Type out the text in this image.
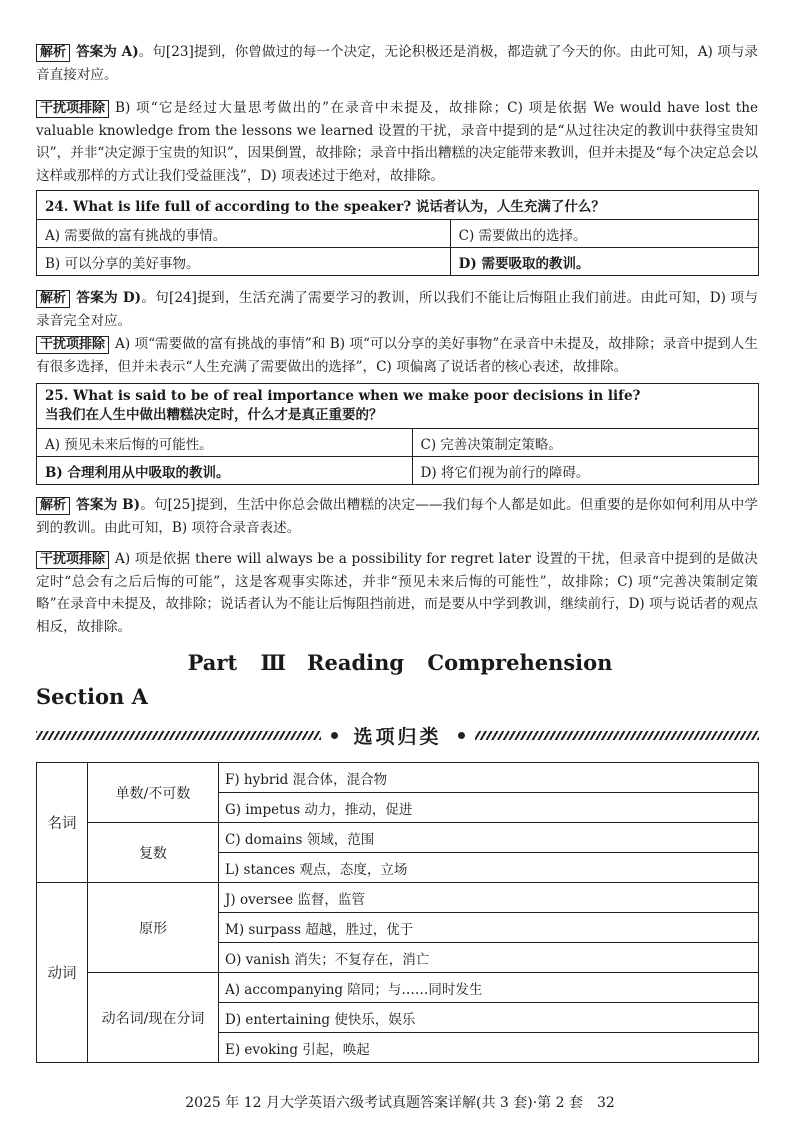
解析 答案为 A)。句[23]提到，你曾做过的每一个决定，无论积极还是消极，都造就了今天的你。由此可知，A) 项与录音直接对应。

干扰项排除 B) 项“它是经过大量思考做出的”在录音中未提及，故排除；C) 项是依据 We would have lost the valuable knowledge from the lessons we learned 设置的干扰，录音中提到的是“从过往决定的教训中获得宝贵知识”，并非“决定源于宝贵的知识”，因果倒置，故排除；录音中指出糟糕的决定能带来教训，但并未提及“每个决定总会以这样或那样的方式让我们受益匪浅”，D) 项表述过于绝对，故排除。

24. What is life full of according to the speaker? 说话者认为，人生充满了什么？	
A) 需要做的富有挑战的事情。	C) 需要做出的选择。
B) 可以分享的美好事物。	D) 需要吸取的教训。

解析 答案为 D)。句[24]提到，生活充满了需要学习的教训，所以我们不能让后悔阻止我们前进。由此可知，D) 项与录音完全对应。

干扰项排除 A) 项“需要做的富有挑战的事情”和 B) 项“可以分享的美好事物”在录音中未提及，故排除；录音中提到人生有很多选择，但并未表示“人生充满了需要做出的选择”，C) 项偏离了说话者的核心表述，故排除。

25. What is said to be of real importance when we make poor decisions in life?
当我们在人生中做出糟糕决定时，什么才是真正重要的？	

A) 预见未来后悔的可能性。	C) 完善决策制定策略。
B) 合理利用从中吸取的教训。	D) 将它们视为前行的障碍。

解析 答案为 B)。句[25]提到，生活中你总会做出糟糕的决定——我们每个人都是如此。但重要的是你如何利用从中学到的教训。由此可知，B) 项符合录音表述。

干扰项排除 A) 项是依据 there will always be a possibility for regret later 设置的干扰，但录音中提到的是做决定时“总会有之后后悔的可能”，这是客观事实陈述，并非“预见未来后悔的可能性”，故排除；C) 项“完善决策制定策略”在录音中未提及，故排除；说话者认为不能让后悔阻挡前进，而是要从中学到教训，继续前行，D) 项与说话者的观点相反，故排除。

Part Ⅲ　Reading Comprehension
Section A
选项归类
名词	单数/不可数	F) hybrid 混合体，混合物
		G) impetus 动力，推动，促进
	复数	C) domains 领域，范围
		L) stances 观点，态度，立场
动词	原形	J) oversee 监督，监管
		M) surpass 超越，胜过，优于
		O) vanish 消失；不复存在，消亡
	动名词/现在分词	A) accompanying 陪同；与……同时发生
		D) entertaining 使快乐，娱乐
		E) evoking 引起，唤起
2025 年 12 月大学英语六级考试真题答案详解(共 3 套)·第 2 套　32
